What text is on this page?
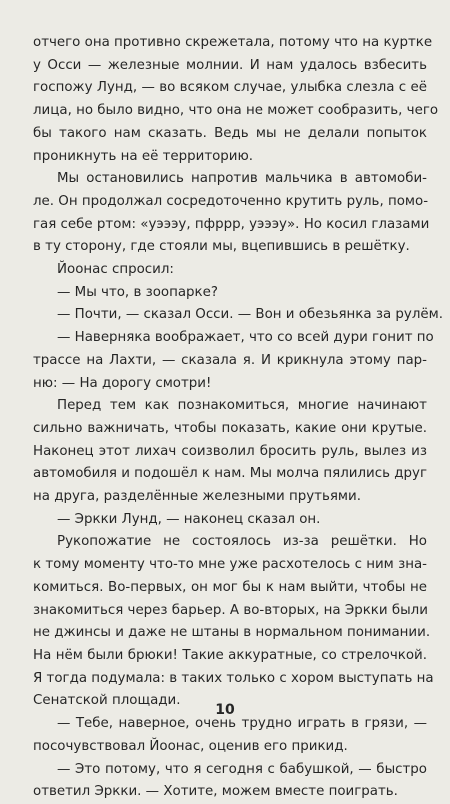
отчего она противно скрежетала, потому что на куртке
у Осси — железные молнии. И нам удалось взбесить
госпожу Лунд, — во всяком случае, улыбка слезла с её
лица, но было видно, что она не может сообразить, чего
бы такого нам сказать. Ведь мы не делали попыток
проникнуть на её территорию.
Мы остановились напротив мальчика в автомоби-
ле. Он продолжал сосредоточенно крутить руль, помо-
гая себе ртом: «уэээу, пфррр, уэээу». Но косил глазами
в ту сторону, где стояли мы, вцепившись в решётку.
Йоонас спросил:
— Мы что, в зоопарке?
— Почти, — сказал Осси. — Вон и обезьянка за рулём.
— Наверняка воображает, что со всей дури гонит по
трассе на Лахти, — сказала я. И крикнула этому пар-
ню: — На дорогу смотри!
Перед тем как познакомиться, многие начинают
сильно важничать, чтобы показать, какие они крутые.
Наконец этот лихач соизволил бросить руль, вылез из
автомобиля и подошёл к нам. Мы молча пялились друг
на друга, разделённые железными прутьями.
— Эркки Лунд, — наконец сказал он.
Рукопожатие не состоялось из-за решётки. Но
к тому моменту что-то мне уже расхотелось с ним зна-
комиться. Во-первых, он мог бы к нам выйти, чтобы не
знакомиться через барьер. А во-вторых, на Эркки были
не джинсы и даже не штаны в нормальном понимании.
На нём были брюки! Такие аккуратные, со стрелочкой.
Я тогда подумала: в таких только с хором выступать на
Сенатской площади.
— Тебе, наверное, очень трудно играть в грязи, —
посочувствовал Йоонас, оценив его прикид.
— Это потому, что я сегодня с бабушкой, — быстро
ответил Эркки. — Хотите, можем вместе поиграть.
10
